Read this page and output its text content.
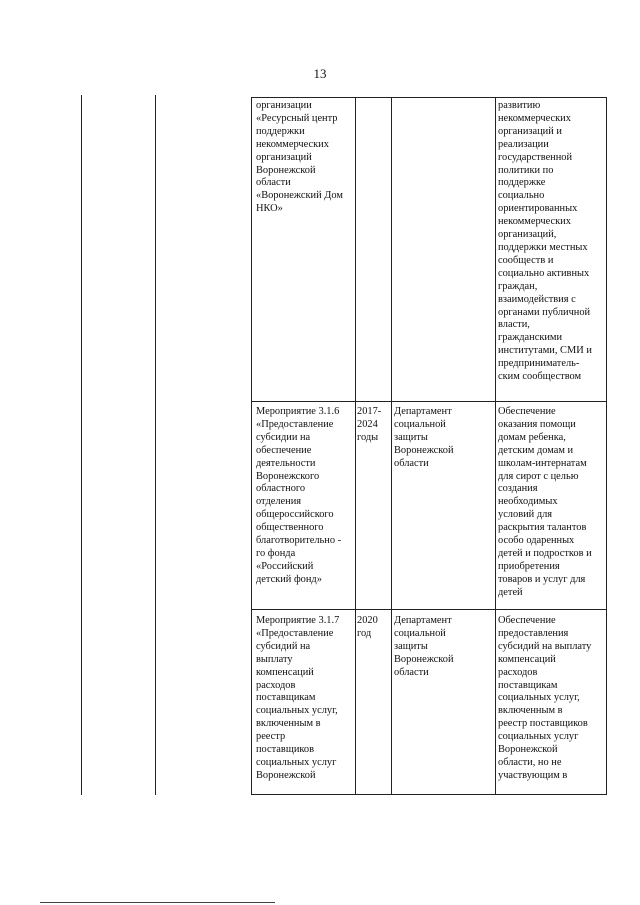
13
организации
«Ресурсный центр
поддержки
некоммерческих
организаций
Воронежской
области
«Воронежский Дом
НКО»
развитию
некоммерческих
организаций и
реализации
государственной
политики по
поддержке
социально
ориентированных
некоммерческих
организаций,
поддержки местных
сообществ и
социально активных
граждан,
взаимодействия с
органами публичной
власти,
гражданскими
институтами, СМИ и
предприниматель-
ским сообществом
Мероприятие 3.1.6
«Предоставление
субсидии на
обеспечение
деятельности
Воронежского
областного
отделения
общероссийского
общественного
благотворительно -
го фонда
«Российский
детский фонд»
2017-
2024
годы
Департамент
социальной
защиты
Воронежской
области
Обеспечение
оказания помощи
домам ребенка,
детским домам и
школам-интернатам
для сирот с целью
создания
необходимых
условий для
раскрытия талантов
особо одаренных
детей и подростков и
приобретения
товаров и услуг для
детей
Мероприятие 3.1.7
«Предоставление
субсидий на
выплату
компенсаций
расходов
поставщикам
социальных услуг,
включенным в
реестр
поставщиков
социальных услуг
Воронежской
2020
год
Департамент
социальной
защиты
Воронежской
области
Обеспечение
предоставления
субсидий на выплату
компенсаций
расходов
поставщикам
социальных услуг,
включенным в
реестр поставщиков
социальных услуг
Воронежской
области, но не
участвующим в
